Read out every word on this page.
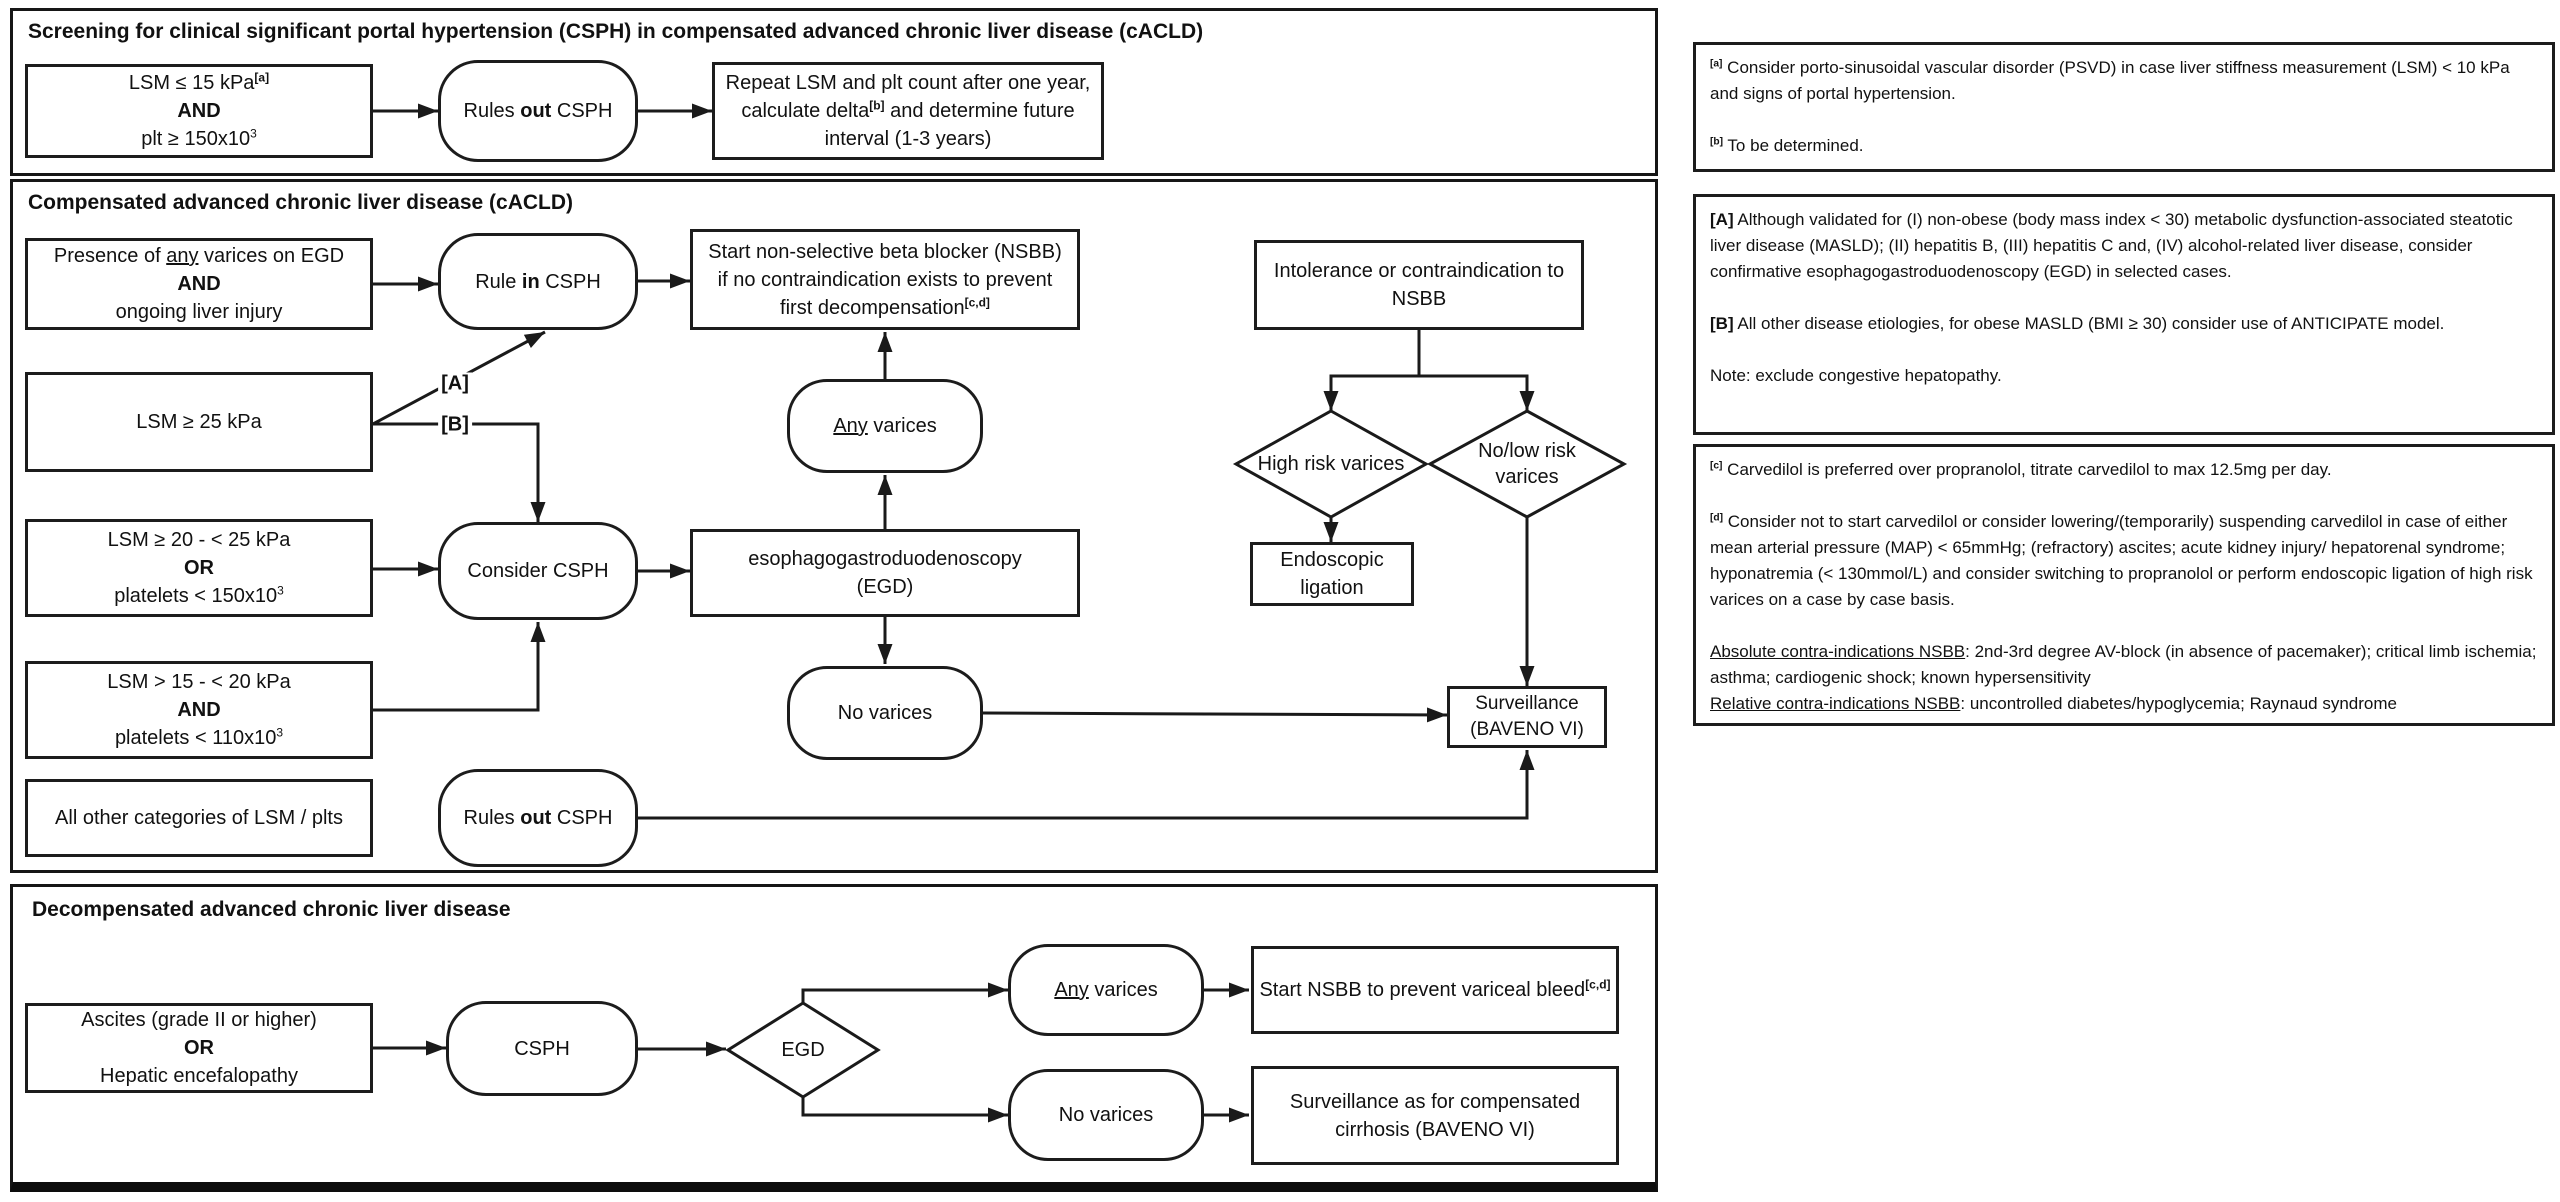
Screening for clinical significant portal hypertension (CSPH) in compensated advanced chronic liver disease (cACLD)
Compensated advanced chronic liver disease (cACLD)
Decompensated advanced chronic liver disease
LSM ≤ 15 kPa[a]
AND
plt ≥ $150x10^3$
Rules out CSPH
Repeat LSM and plt count after one year,
calculate delta[b] and determine future
interval (1-3 years)
Presence of any varices on EGD
AND
ongoing liver injury
Rule in CSPH
Start non-selective beta blocker (NSBB)
if no contraindication exists to prevent
first decompensation[c,d]
LSM ≥ 25 kPa
[A]
[B]	Any varices
LSM ≥ 20 - < 25 kPa
OR
platelets < $150x10^3$
Consider CSPH
esophagogastroduodenoscopy
(EGD)
LSM > 15 - < 20 kPa
AND
platelets < $110x10^3$
No varices
All other categories of LSM / plts	Rules out CSPH
Intolerance or contraindication to
NSBB
High risk varices
No/low risk
varices
Endoscopic
ligation
Surveillance
(BAVENO VI)
Ascites (grade II or higher)
OR
Hepatic encefalopathy
CSPH	EGD
Any varices	Start NSBB to prevent variceal bleed[c,d]
No varices
Surveillance as for compensated
cirrhosis (BAVENO VI)
[a] Consider porto-sinusoidal vascular disorder (PSVD) in case liver stiffness measurement (LSM) < 10 kPa and signs of portal hypertension.

[b] To be determined.
[A] Although validated for (I) non-obese (body mass index < 30) metabolic dysfunction-associated steatotic liver disease (MASLD); (II) hepatitis B, (III) hepatitis C and, (IV) alcohol-related liver disease, consider confirmative esophagogastroduodenoscopy (EGD) in selected cases.

[B] All other disease etiologies, for obese MASLD (BMI ≥ 30) consider use of ANTICIPATE model.

Note: exclude congestive hepatopathy.
[c] Carvedilol is preferred over propranolol, titrate carvedilol to max 12.5mg per day.

[d] Consider not to start carvedilol or consider lowering/(temporarily) suspending carvedilol in case of either mean arterial pressure (MAP) < 65mmHg; (refractory) ascites; acute kidney injury/ hepatorenal syndrome; hyponatremia (< 130mmol/L) and consider switching to propranolol or perform endoscopic ligation of high risk varices on a case by case basis.

Absolute contra-indications NSBB: 2nd-3rd degree AV-block (in absence of pacemaker); critical limb ischemia; asthma; cardiogenic shock; known hypersensitivity
Relative contra-indications NSBB: uncontrolled diabetes/hypoglycemia; Raynaud syndrome
